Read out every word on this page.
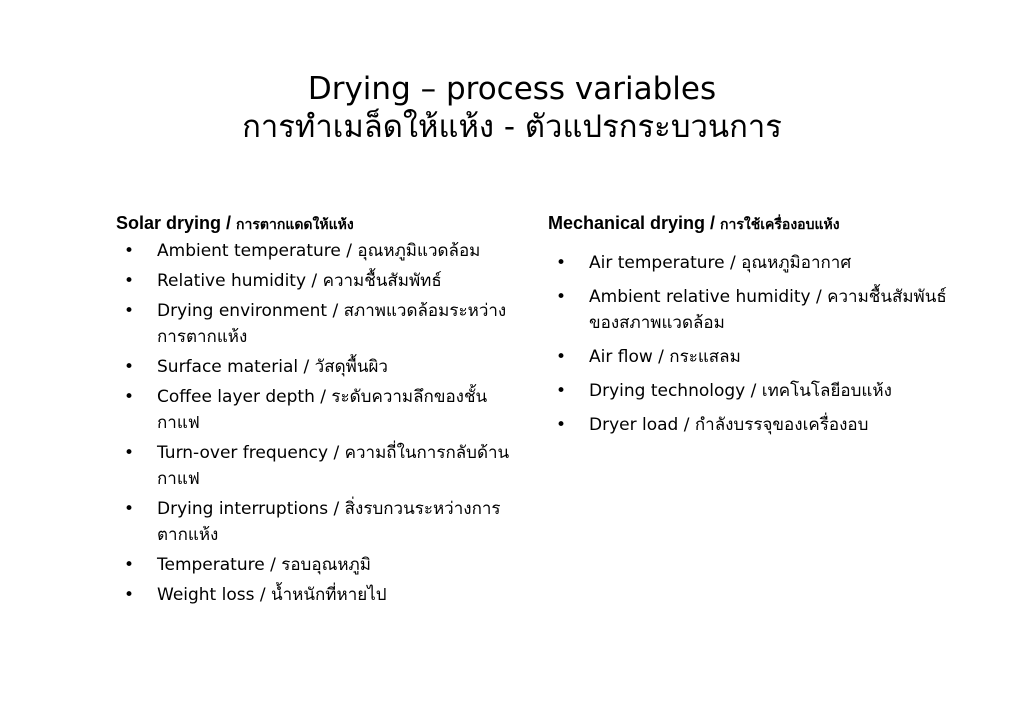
Drying – process variables
การทำเมล็ดให้แห้ง - ตัวแปรกระบวนการ
Solar drying / การตากแดดให้แห้ง
• Ambient temperature / อุณหภูมิแวดล้อม
• Relative humidity / ความชื้นสัมพัทธ์
• Drying environment / สภาพแวดล้อมระหว่างการตากแห้ง
• Surface material / วัสดุพื้นผิว
• Coffee layer depth / ระดับความลึกของชั้นกาแฟ
• Turn-over frequency / ความถี่ในการกลับด้านกาแฟ
• Drying interruptions / สิ่งรบกวนระหว่างการตากแห้ง
• Temperature / รอบอุณหภูมิ
• Weight loss / น้ำหนักที่หายไป
Mechanical drying / การใช้เครื่องอบแห้ง
• Air temperature / อุณหภูมิอากาศ
• Ambient relative humidity / ความชื้นสัมพันธ์ของสภาพแวดล้อม
• Air flow / กระแสลม
• Drying technology / เทคโนโลยีอบแห้ง
• Dryer load / กำลังบรรจุของเครื่องอบ
